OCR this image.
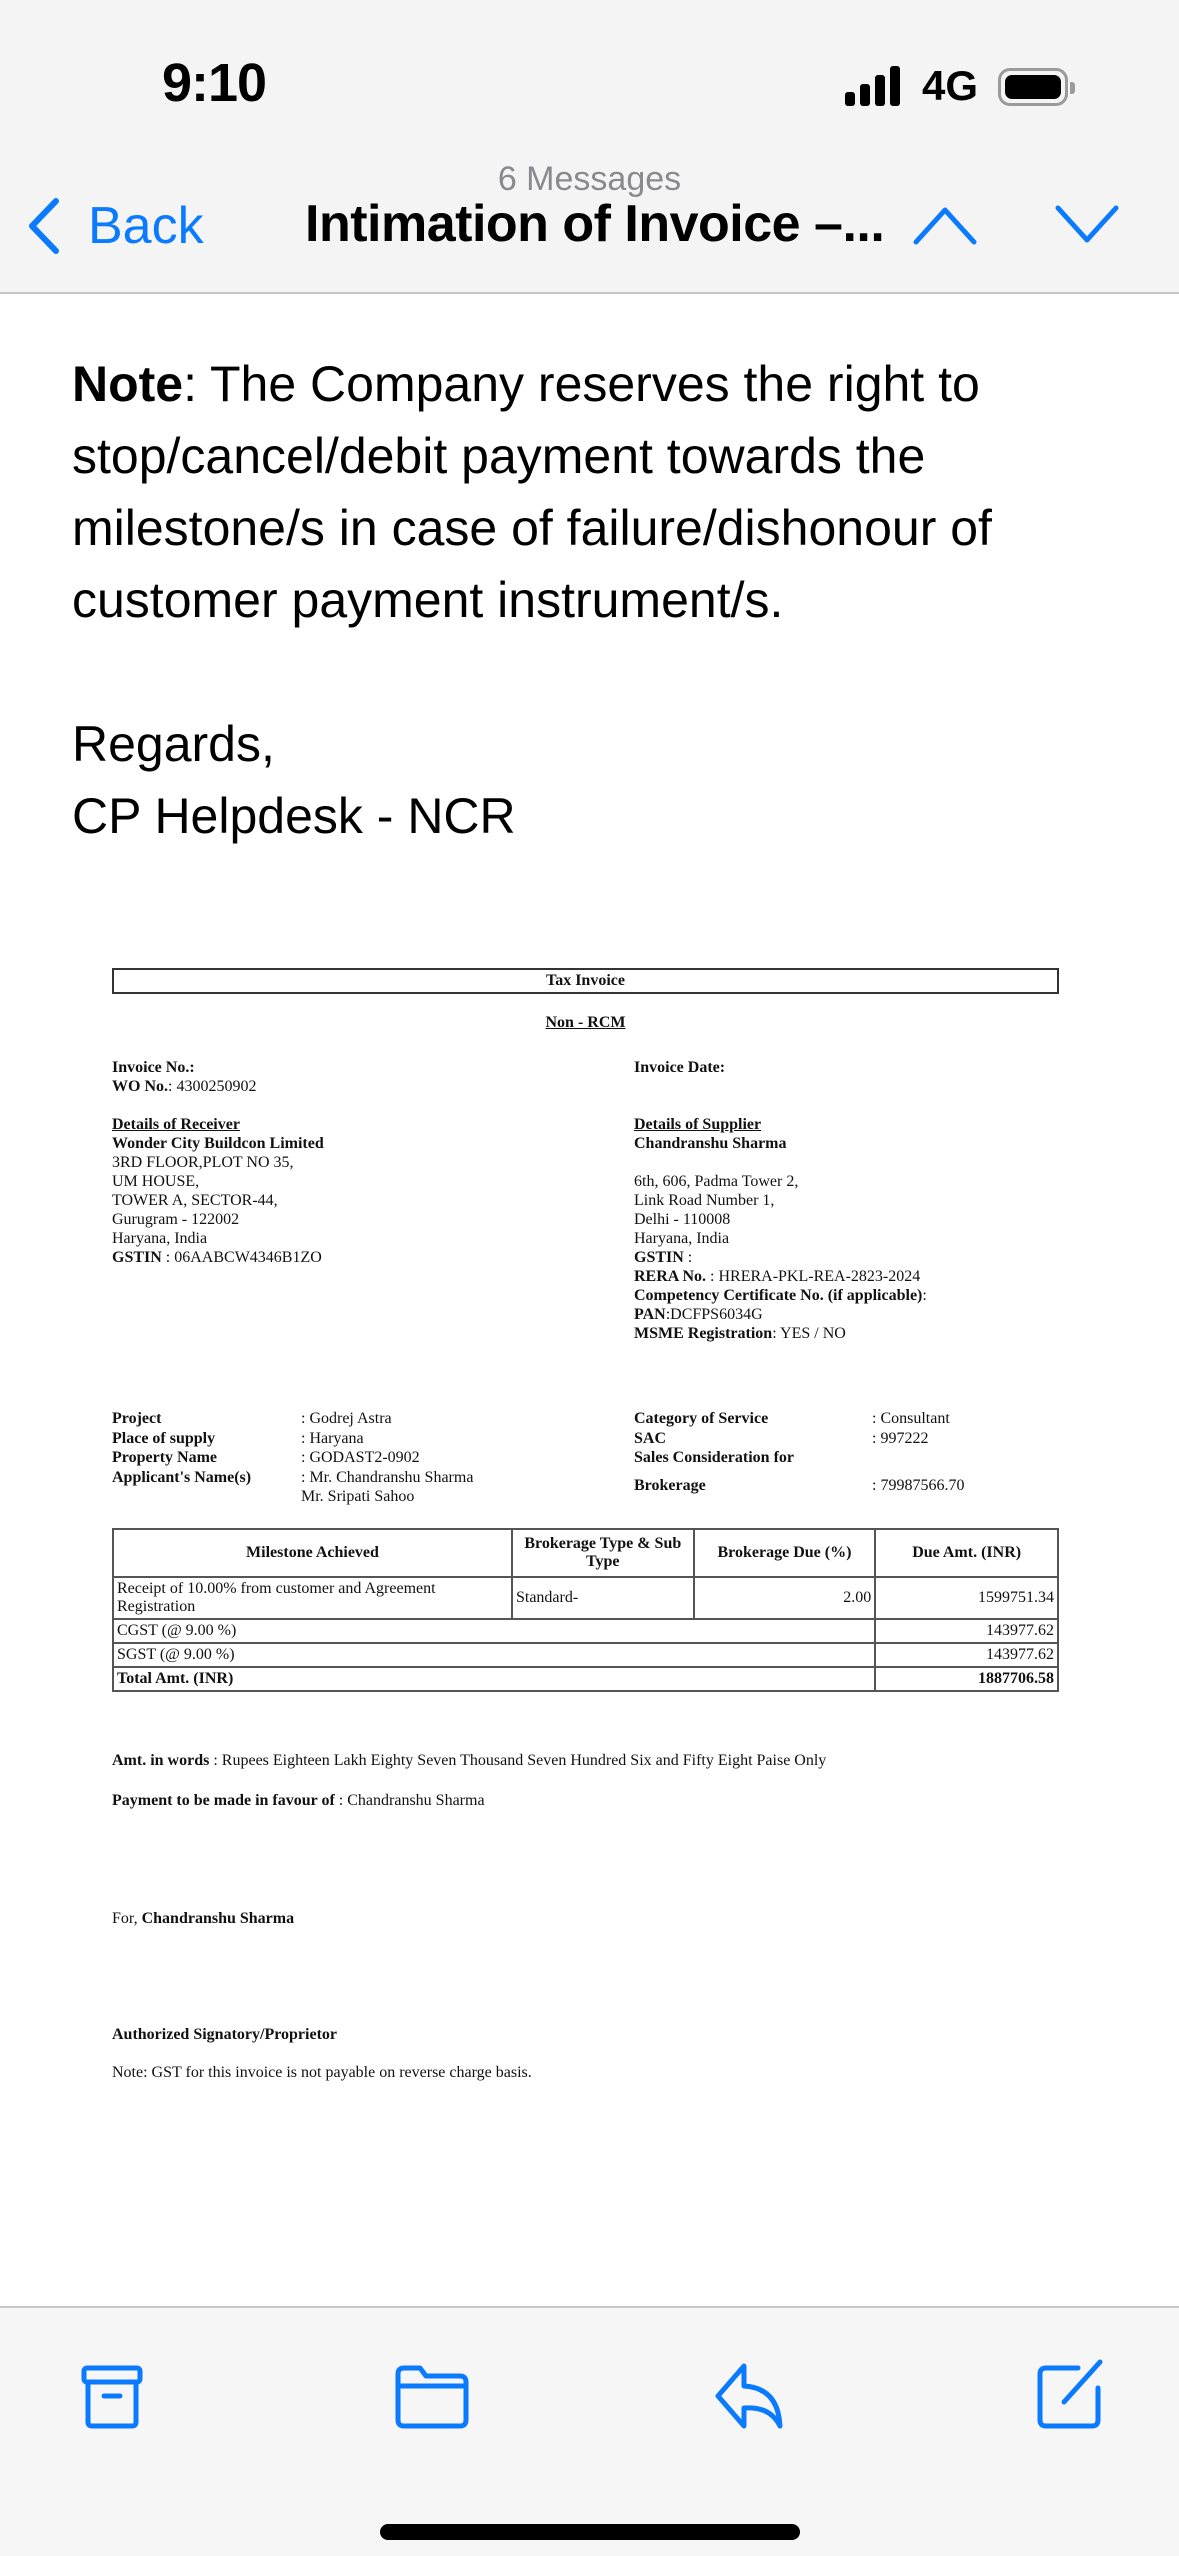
9:10	4G
6 Messages
Back Intimation of Invoice –...
Note: The Company reserves the right to stop/cancel/debit payment towards the milestone/s in case of failure/dishonour of customer payment instrument/s.
Regards,
CP Helpdesk - NCR
Tax Invoice
Non - RCM
Invoice No.:
WO No.: 4300250902
Invoice Date:
Details of Receiver
Wonder City Buildcon Limited
3RD FLOOR,PLOT NO 35,
UM HOUSE,
TOWER A, SECTOR-44,
Gurugram - 122002
Haryana, India
GSTIN : 06AABCW4346B1ZO
Details of Supplier
Chandranshu Sharma
6th, 606, Padma Tower 2,
Link Road Number 1,
Delhi - 110008
Haryana, India
GSTIN :
RERA No. : HRERA-PKL-REA-2823-2024
Competency Certificate No. (if applicable):
PAN:DCFPS6034G
MSME Registration: YES / NO
Project	: Godrej Astra
Place of supply	: Haryana
Property Name	: GODAST2-0902
Applicant's Name(s)	: Mr. Chandranshu Sharma
Mr. Sripati Sahoo
Category of Service	: Consultant
SAC	: 997222
Sales Consideration for
Brokerage	: 79987566.70
Milestone Achieved	Brokerage Type & Sub Type	Brokerage Due (%)	Due Amt. (INR)
Receipt of 10.00% from customer and Agreement Registration	Standard-	2.00	1599751.34
CGST (@ 9.00 %)			143977.62
SGST (@ 9.00 %)			143977.62
Total Amt. (INR)			1887706.58
Amt. in words : Rupees Eighteen Lakh Eighty Seven Thousand Seven Hundred Six and Fifty Eight Paise Only
Payment to be made in favour of : Chandranshu Sharma
For, Chandranshu Sharma
Authorized Signatory/Proprietor
Note: GST for this invoice is not payable on reverse charge basis.
